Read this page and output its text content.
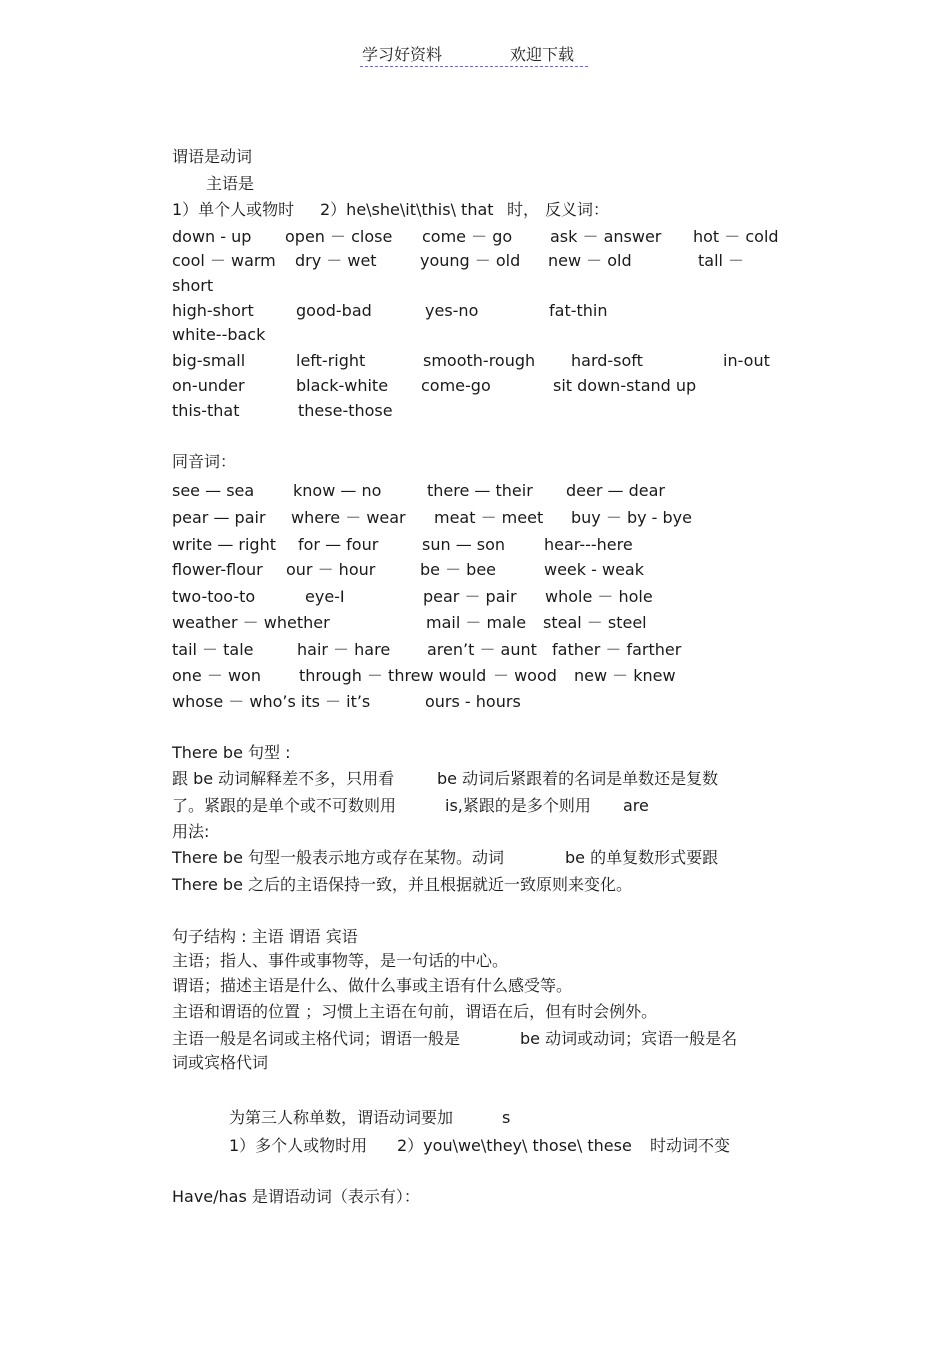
学习好资料	欢迎下载
谓语是动词
主语是
1）单个人或物时 2）he\she\it\this\ that 时， 反义词：
down - up open － close come － go ask － answer hot － cold
cool － warm dry － wet	young － old new － old	tall －
short
high-short	good-bad	yes-no	fat-thin
white--back
big-small	left-right	smooth-rough hard-soft	in-out
on-under	black-white come-go	sit down-stand up
this-that	these-those
同音词：
see — sea know — no	there — their deer — dear
pear — pair where － wear meat － meet buy － by - bye
write — right for — four	sun — son hear---here
flower-flour our － hour	be － bee	week - weak
two-too-to	eye-I	pear － pair whole － hole
weather － whether	mail － male steal － steel
tail － tale	hair － hare aren’t － aunt father － farther
one － won through － threw would － wood new － knew
whose － who’s its － it’s	ours - hours
There be 句型 :
跟 be 动词解释差不多，只用看	be 动词后紧跟着的名词是单数还是复数
了。紧跟的是单个或不可数则用	is,紧跟的是多个则用 are
用法:
There be 句型一般表示地方或存在某物。动词	be 的单复数形式要跟
There be 之后的主语保持一致，并且根据就近一致原则来变化。
句子结构 : 主语 谓语 宾语
主语；指人、事件或事物等，是一句话的中心。
谓语；描述主语是什么、做什么事或主语有什么感受等。
主语和谓语的位置 ；习惯上主语在句前，谓语在后，但有时会例外。
主语一般是名词或主格代词；谓语一般是	be 动词或动词；宾语一般是名
词或宾格代词
为第三人称单数，谓语动词要加	s
1）多个人或物时用 2）you\we\they\ those\ these 时动词不变
Have/has 是谓语动词（表示有）：
